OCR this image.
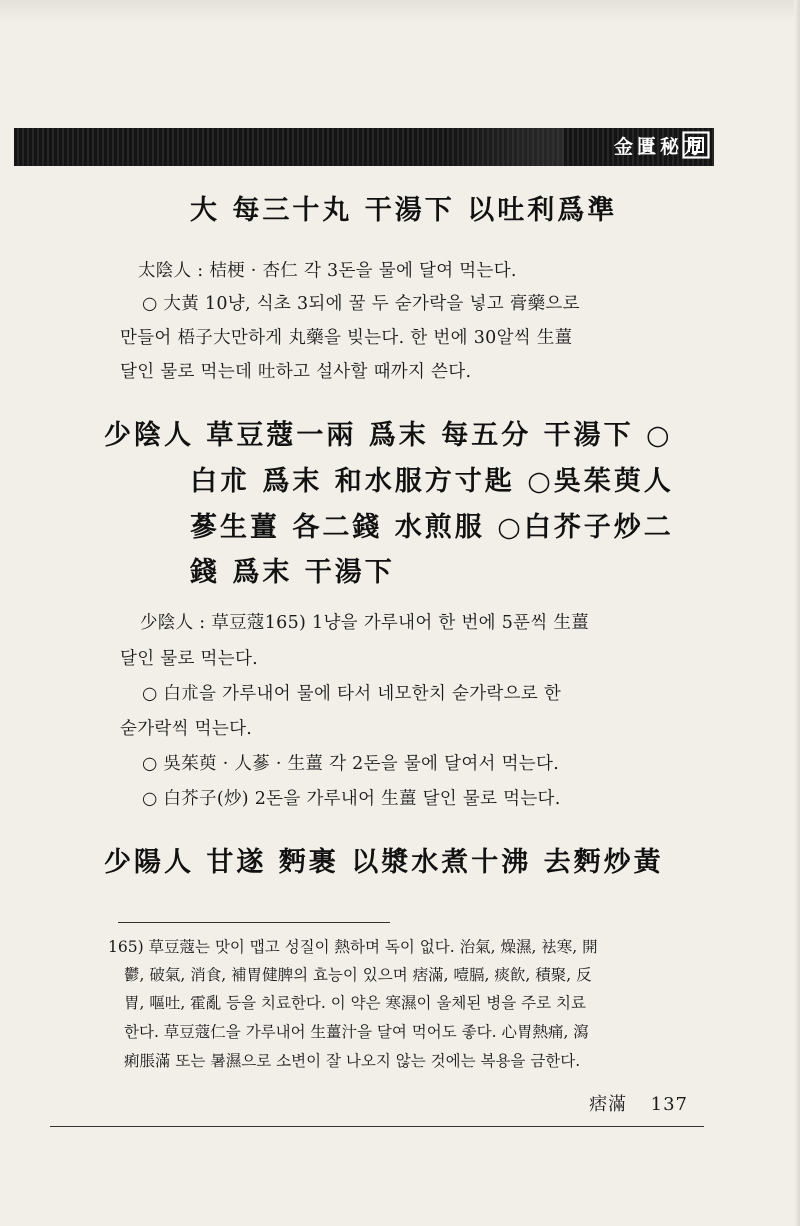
金匱秘方
大 每三十丸 干湯下 以吐利爲準
太陰人 : 桔梗 · 杏仁 각 3돈을 물에 달여 먹는다.
○ 大黃 10냥, 식초 3되에 꿀 두 숟가락을 넣고 膏藥으로
만들어 梧子大만하게 丸藥을 빚는다. 한 번에 30알씩 生薑
달인 물로 먹는데 吐하고 설사할 때까지 쓴다.
少陰人 草豆蔻一兩 爲末 每五分 干湯下 ○
白朮 爲末 和水服方寸匙 ○吳茱萸人
蔘生薑 各二錢 水煎服 ○白芥子炒二
錢 爲末 干湯下
少陰人 : 草豆蔻165) 1냥을 가루내어 한 번에 5푼씩 生薑
달인 물로 먹는다.
○ 白朮을 가루내어 물에 타서 네모한치 숟가락으로 한
숟가락씩 먹는다.
○ 吳茱萸 · 人蔘 · 生薑 각 2돈을 물에 달여서 먹는다.
○ 白芥子(炒) 2돈을 가루내어 生薑 달인 물로 먹는다.
少陽人 甘遂 麪裹 以漿水煮十沸 去麪炒黃
165) 草豆蔻는 맛이 맵고 성질이 熱하며 독이 없다. 治氣, 燥濕, 袪寒, 開
鬱, 破氣, 消食, 補胃健脾의 효능이 있으며 痞滿, 噎膈, 痰飮, 積聚, 反
胃, 嘔吐, 霍亂 등을 치료한다. 이 약은 寒濕이 울체된 병을 주로 치료
한다. 草豆蔻仁을 가루내어 生薑汁을 달여 먹어도 좋다. 心胃熱痛, 瀉
痢脹滿 또는 暑濕으로 소변이 잘 나오지 않는 것에는 복용을 금한다.
痞滿 137
